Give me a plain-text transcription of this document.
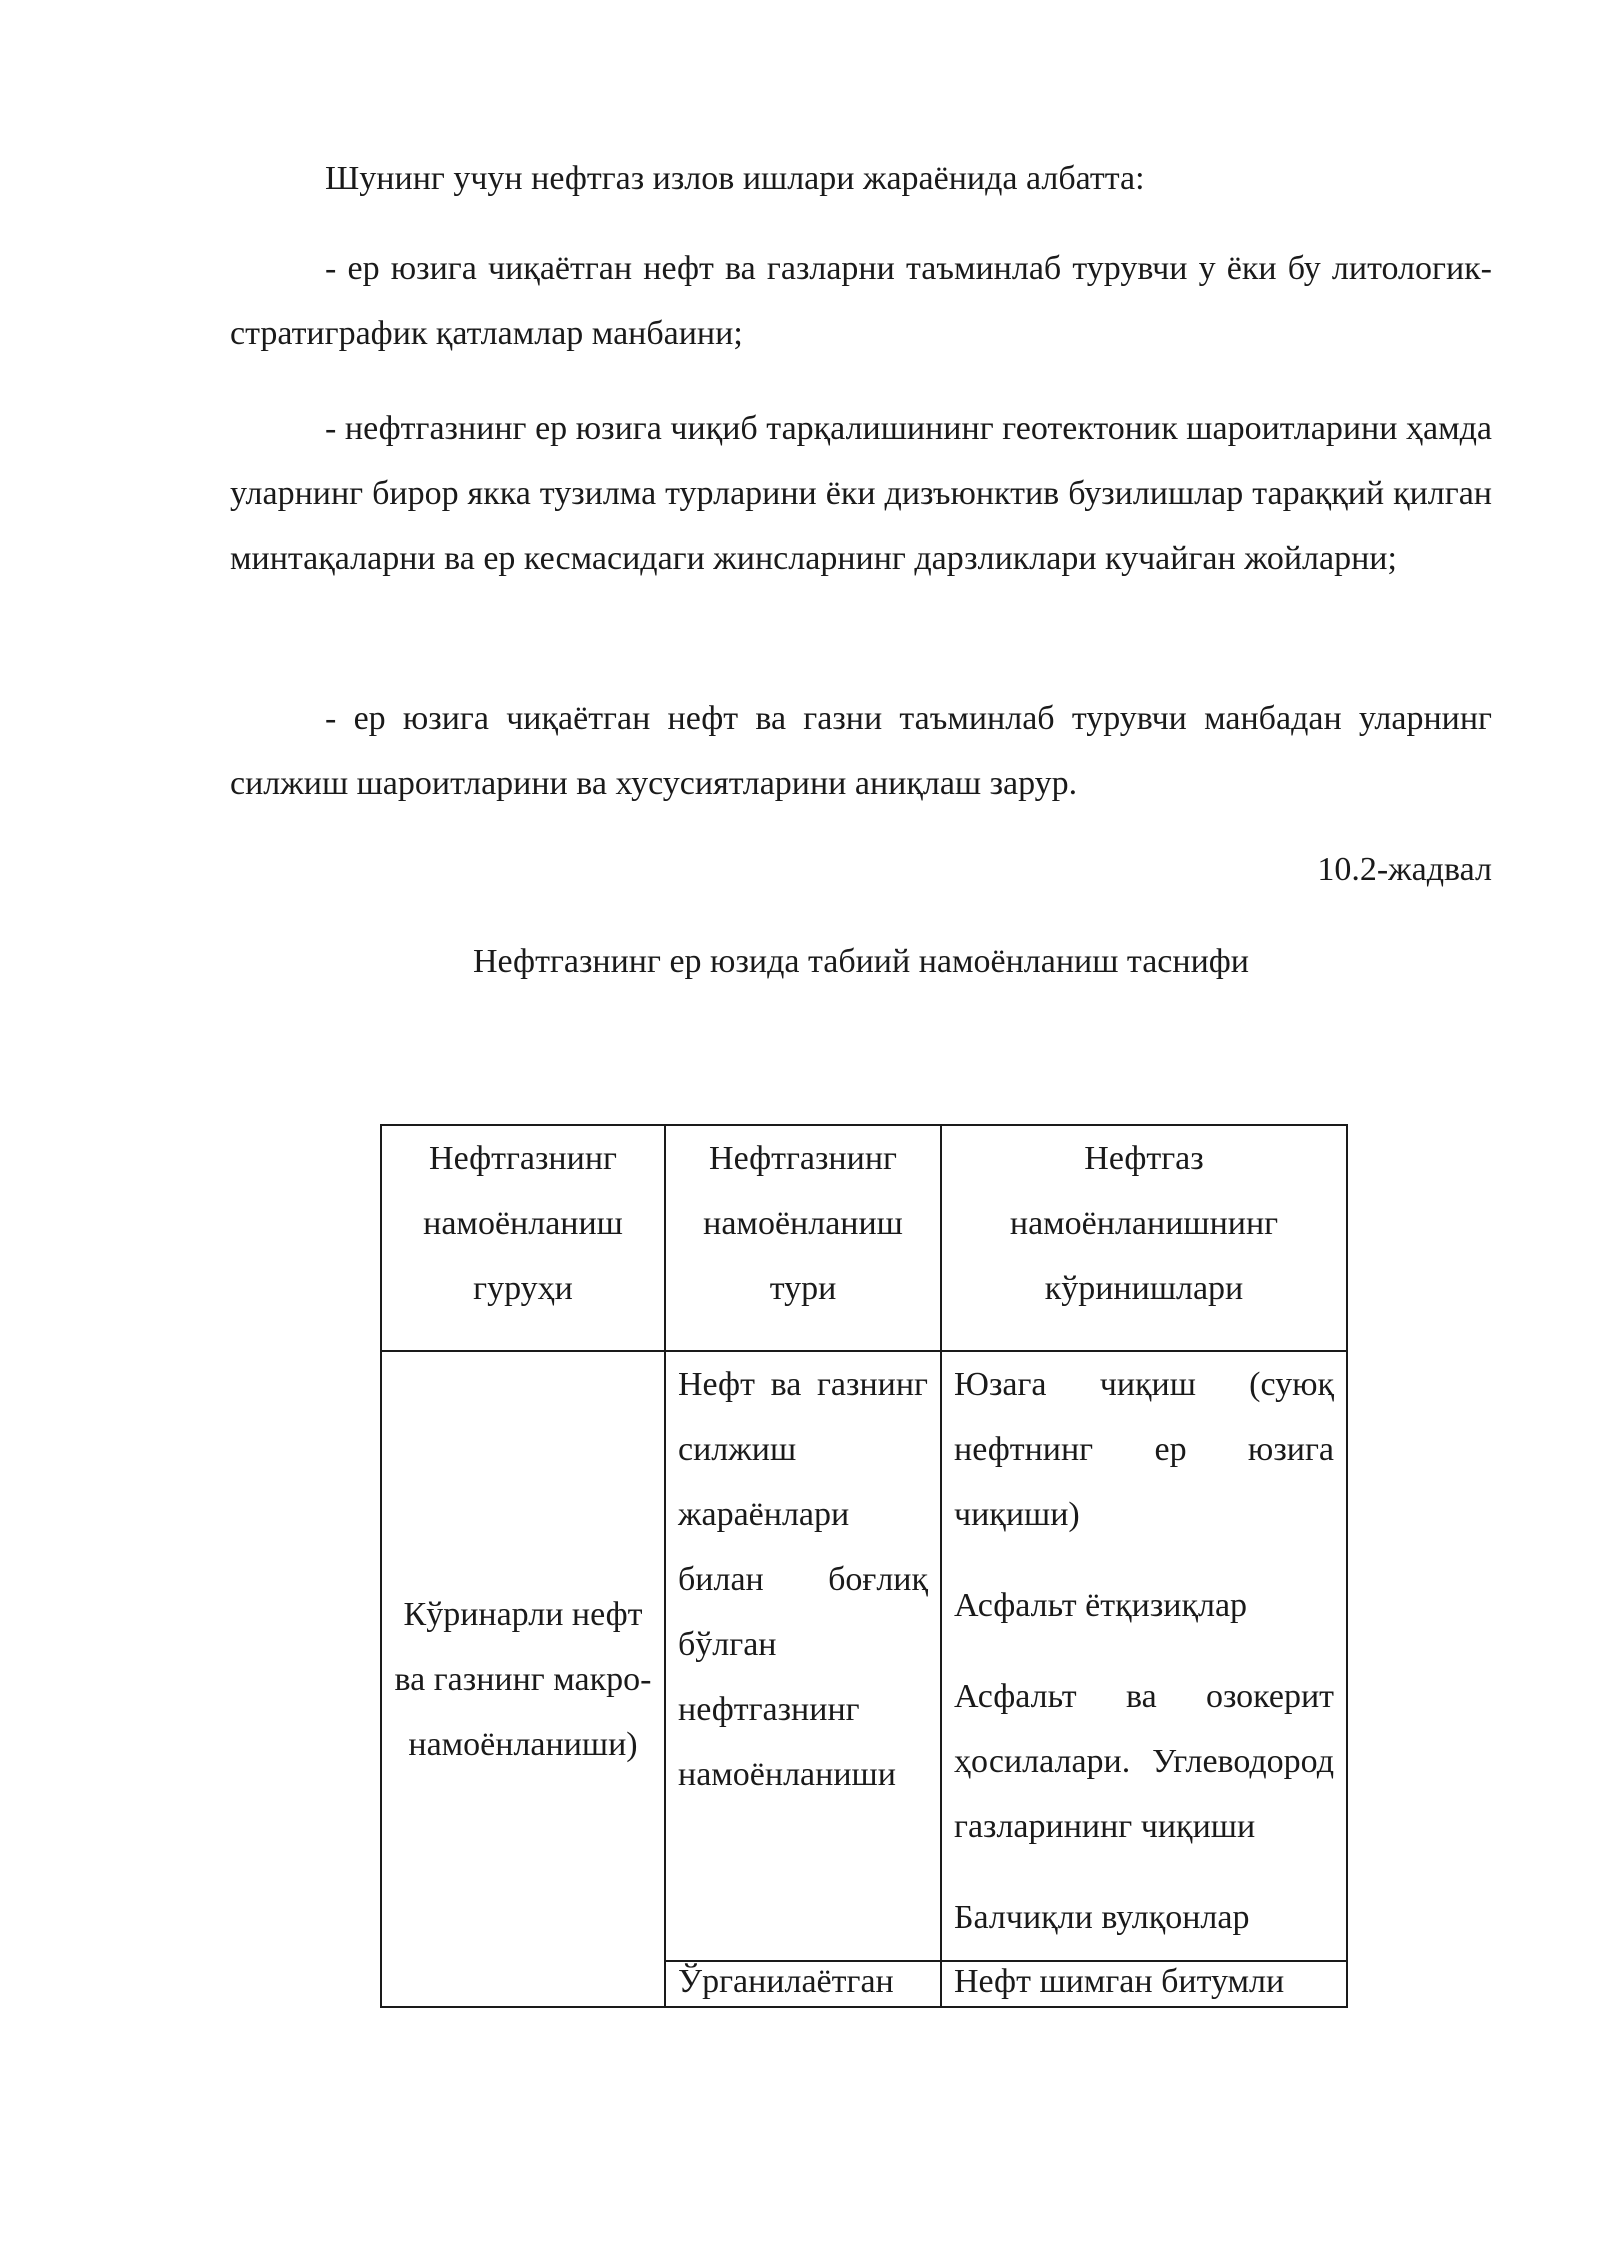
Шунинг учун нефтгаз излов ишлари жараёнида албатта:

- ер юзига чиқаётган нефт ва газларни таъминлаб турувчи у ёки бу литологик-стратиграфик қатламлар манбаини;

- нефтгазнинг ер юзига чиқиб тарқалишининг геотектоник шароитларини ҳамда уларнинг бирор якка тузилма турларини ёки дизъюнктив бузилишлар тараққий қилган минтақаларни ва ер кесмасидаги жинсларнинг дарзликлари кучайган жойларни;

- ер юзига чиқаётган нефт ва газни таъминлаб турувчи манбадан уларнинг силжиш шароитларини ва хусусиятларини аниқлаш зарур.

10.2-жадвал
Нефтгазнинг ер юзида табиий намоёнланиш таснифи
Нефтгазнинг намоёнланиш гуруҳи	Нефтгазнинг намоёнланиш тури	Нефтгаз намоёнланишнинг кўринишлари

Кўринарли нефт ва газнинг макро-намоёнланиши)	Нефт ва газнинг силжиш жараёнлари билан боғлиқ бўлган нефтгазнинг намоёнланиши	Юзага чиқиш (суюқ нефтнинг ер юзига чиқиши)
Асфальт ётқизиқлар
Асфальт ва озокерит ҳосилалари. Углеводород газларининг чиқиши
Балчиқли вулқонлар

	Ўрганилаётган	Нефт шимган битумли
